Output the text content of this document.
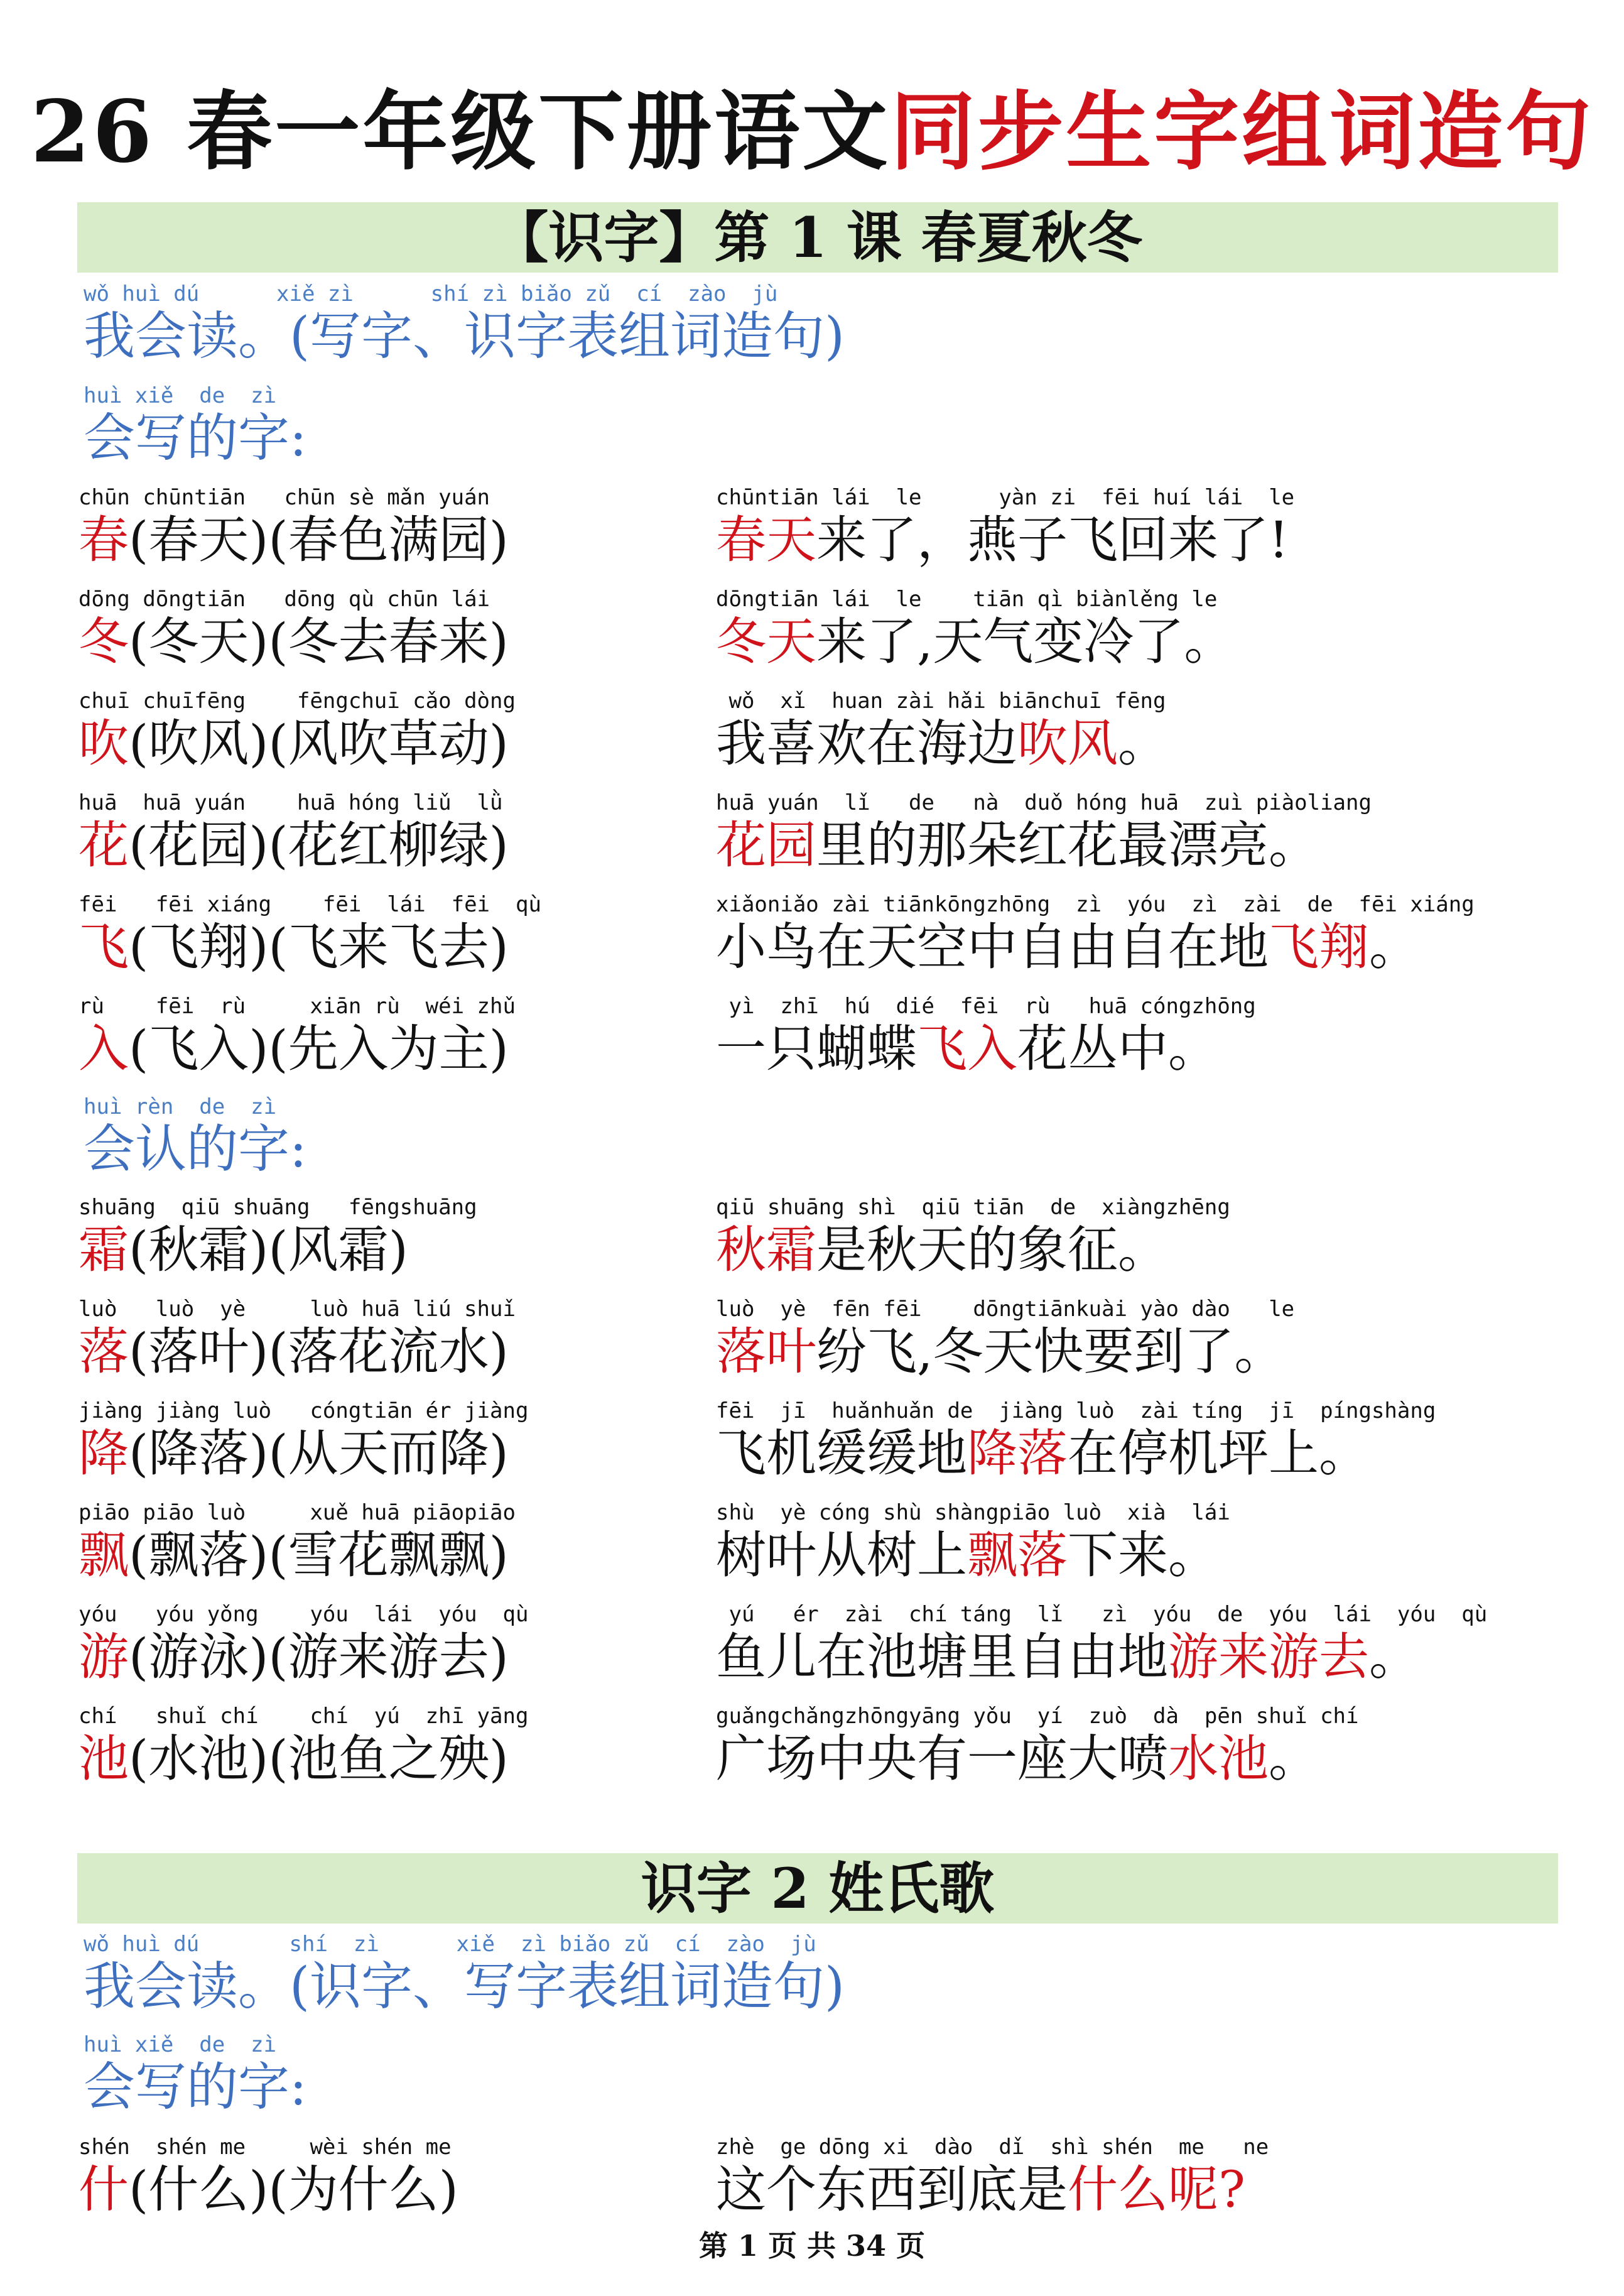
26 春一年级下册语文同步生字组词造句
【识字】第 1 课 春夏秋冬
wǒ huì dú      xiě zì      shí zì biǎo zǔ  cí  zào  jù
我会读。(写字、识字表组词造句)
huì xiě  de  zì
会写的字:
chūn chūntiān   chūn sè mǎn yuán
春(春天)(春色满园)
chūntiān lái  le      yàn zi  fēi huí lái  le
春天来了，燕子飞回来了!
dōng dōngtiān   dōng qù chūn lái
冬(冬天)(冬去春来)
dōngtiān lái  le    tiān qì biànlěng le
冬天来了,天气变冷了。
chuī chuīfēng    fēngchuī cǎo dòng
吹(吹风)(风吹草动)
wǒ  xǐ  huan zài hǎi biānchuī fēng
我喜欢在海边吹风。
huā  huā yuán    huā hóng liǔ  lǜ
花(花园)(花红柳绿)
huā yuán  lǐ   de   nà  duǒ hóng huā  zuì piàoliang
花园里的那朵红花最漂亮。
fēi   fēi xiáng    fēi  lái  fēi  qù
飞(飞翔)(飞来飞去)
xiǎoniǎo zài tiānkōngzhōng  zì  yóu  zì  zài  de  fēi xiáng
小鸟在天空中自由自在地飞翔。
rù    fēi  rù     xiān rù  wéi zhǔ
入(飞入)(先入为主)
yì  zhī  hú  dié  fēi  rù   huā cóngzhōng
一只蝴蝶飞入花丛中。
huì rèn  de  zì
会认的字:
shuāng  qiū shuāng   fēngshuāng
霜(秋霜)(风霜)
qiū shuāng shì  qiū tiān  de  xiàngzhēng
秋霜是秋天的象征。
luò   luò  yè     luò huā liú shuǐ
落(落叶)(落花流水)
luò  yè  fēn fēi    dōngtiānkuài yào dào   le
落叶纷飞,冬天快要到了。
jiàng jiàng luò   cóngtiān ér jiàng
降(降落)(从天而降)
fēi  jī  huǎnhuǎn de  jiàng luò  zài tíng  jī  píngshàng
飞机缓缓地降落在停机坪上。
piāo piāo luò     xuě huā piāopiāo
飘(飘落)(雪花飘飘)
shù  yè cóng shù shàngpiāo luò  xià  lái
树叶从树上飘落下来。
yóu   yóu yǒng    yóu  lái  yóu  qù
游(游泳)(游来游去)
yú   ér  zài  chí táng  lǐ   zì  yóu  de  yóu  lái  yóu  qù
鱼儿在池塘里自由地游来游去。
chí   shuǐ chí    chí  yú  zhī yāng
池(水池)(池鱼之殃)
guǎngchǎngzhōngyāng yǒu  yí  zuò  dà  pēn shuǐ chí
广场中央有一座大喷水池。
识字 2 姓氏歌
wǒ huì dú       shí  zì      xiě  zì biǎo zǔ  cí  zào  jù
我会读。(识字、写字表组词造句)
huì xiě  de  zì
会写的字:
shén  shén me     wèi shén me
什(什么)(为什么)
zhè  ge dōng xi  dào  dǐ  shì shén  me   ne
这个东西到底是什么呢?
第 1 页 共 34 页
